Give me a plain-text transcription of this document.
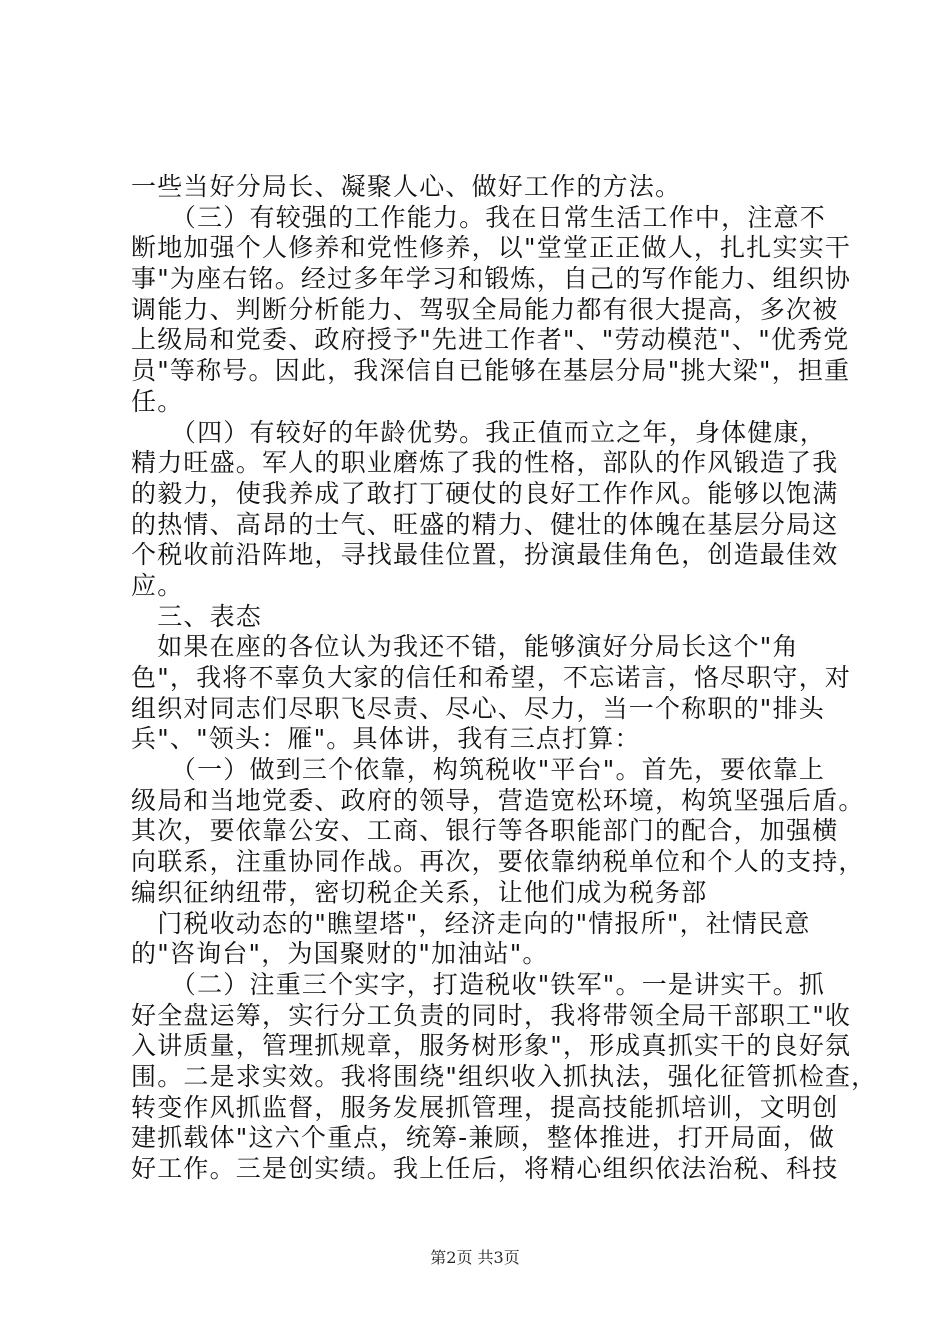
一些当好分局长、凝聚人心、做好工作的方法。
　　（三）有较强的工作能力。我在日常生活工作中，注意不
断地加强个人修养和党性修养，以"堂堂正正做人，扎扎实实干
事"为座右铭。经过多年学习和锻炼，自己的写作能力、组织协
调能力、判断分析能力、驾驭全局能力都有很大提高，多次被
上级局和党委、政府授予"先进工作者"、"劳动模范"、"优秀党
员"等称号。因此，我深信自已能够在基层分局"挑大梁"，担重
任。
　　（四）有较好的年龄优势。我正值而立之年，身体健康，
精力旺盛。军人的职业磨炼了我的性格，部队的作风锻造了我
的毅力，使我养成了敢打丁硬仗的良好工作作风。能够以饱满
的热情、高昂的士气、旺盛的精力、健壮的体魄在基层分局这
个税收前沿阵地，寻找最佳位置，扮演最佳角色，创造最佳效
应。
　三、表态
　如果在座的各位认为我还不错，能够演好分局长这个"角
色"，我将不辜负大家的信任和希望，不忘诺言，恪尽职守，对
组织对同志们尽职飞尽责、尽心、尽力，当一个称职的"排头
兵"、"领头：雁"。具体讲，我有三点打算：
　　（一）做到三个依靠，构筑税收"平台"。首先，要依靠上
级局和当地党委、政府的领导，营造宽松环境，构筑坚强后盾。
其次，要依靠公安、工商、银行等各职能部门的配合，加强横
向联系，注重协同作战。再次，要依靠纳税单位和个人的支持，
编织征纳纽带，密切税企关系，让他们成为税务部
　门税收动态的"瞧望塔"，经济走向的"情报所"，社情民意
的"咨询台"，为国聚财的"加油站"。
　　（二）注重三个实字，打造税收"铁军"。一是讲实干。抓
好全盘运筹，实行分工负责的同时，我将带领全局干部职工"收
入讲质量，管理抓规章，服务树形象"，形成真抓实干的良好氛
围。二是求实效。我将围绕"组织收入抓执法，强化征管抓检查，
转变作风抓监督，服务发展抓管理，提高技能抓培训，文明创
建抓载体"这六个重点，统筹-兼顾，整体推进，打开局面，做
好工作。三是创实绩。我上任后，将精心组织依法治税、科技
第2页 共3页
